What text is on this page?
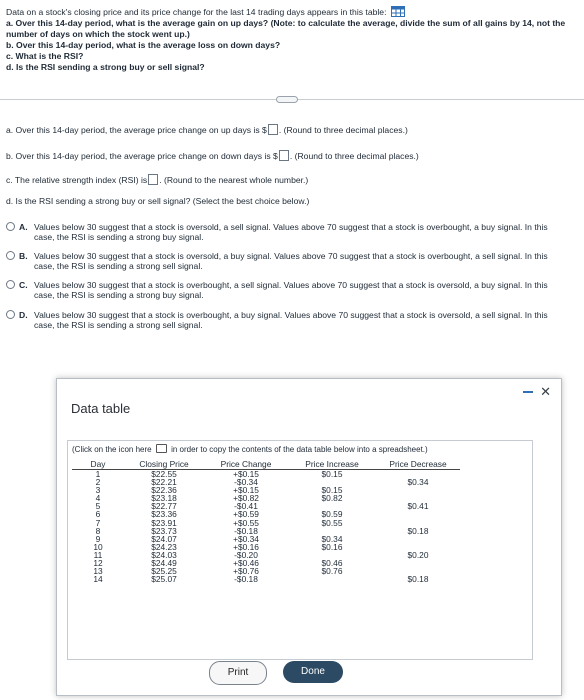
Data on a stock's closing price and its price change for the last 14 trading days appears in this table:
a. Over this 14-day period, what is the average gain on up days? (Note: to calculate the average, divide the sum of all gains by 14, not the number of days on which the stock went up.)
b. Over this 14-day period, what is the average loss on down days?
c. What is the RSI?
d. Is the RSI sending a strong buy or sell signal?
a. Over this 14-day period, the average price change on up days is $ . (Round to three decimal places.)
b. Over this 14-day period, the average price change on down days is $ . (Round to three decimal places.)
c. The relative strength index (RSI) is . (Round to the nearest whole number.)
d. Is the RSI sending a strong buy or sell signal? (Select the best choice below.)
A. Values below 30 suggest that a stock is oversold, a sell signal. Values above 70 suggest that a stock is overbought, a buy signal. In this case, the RSI is sending a strong buy signal.
B. Values below 30 suggest that a stock is oversold, a buy signal. Values above 70 suggest that a stock is overbought, a sell signal. In this case, the RSI is sending a strong sell signal.
C. Values below 30 suggest that a stock is overbought, a sell signal. Values above 70 suggest that a stock is oversold, a buy signal. In this case, the RSI is sending a strong buy signal.
D. Values below 30 suggest that a stock is overbought, a buy signal. Values above 70 suggest that a stock is oversold, a sell signal. In this case, the RSI is sending a strong sell signal.
Data table
✕
(Click on the icon here in order to copy the contents of the data table below into a spreadsheet.)
Day	Closing Price	Price Change	Price Increase	Price Decrease
1	$22.55	+$0.15	$0.15	
2	$22.21	-$0.34		$0.34
3	$22.36	+$0.15	$0.15	
4	$23.18	+$0.82	$0.82	
5	$22.77	-$0.41		$0.41
6	$23.36	+$0.59	$0.59	
7	$23.91	+$0.55	$0.55	
8	$23.73	-$0.18		$0.18
9	$24.07	+$0.34	$0.34	
10	$24.23	+$0.16	$0.16	
11	$24.03	-$0.20		$0.20
12	$24.49	+$0.46	$0.46	
13	$25.25	+$0.76	$0.76	
14	$25.07	-$0.18		$0.18
Print	Done
